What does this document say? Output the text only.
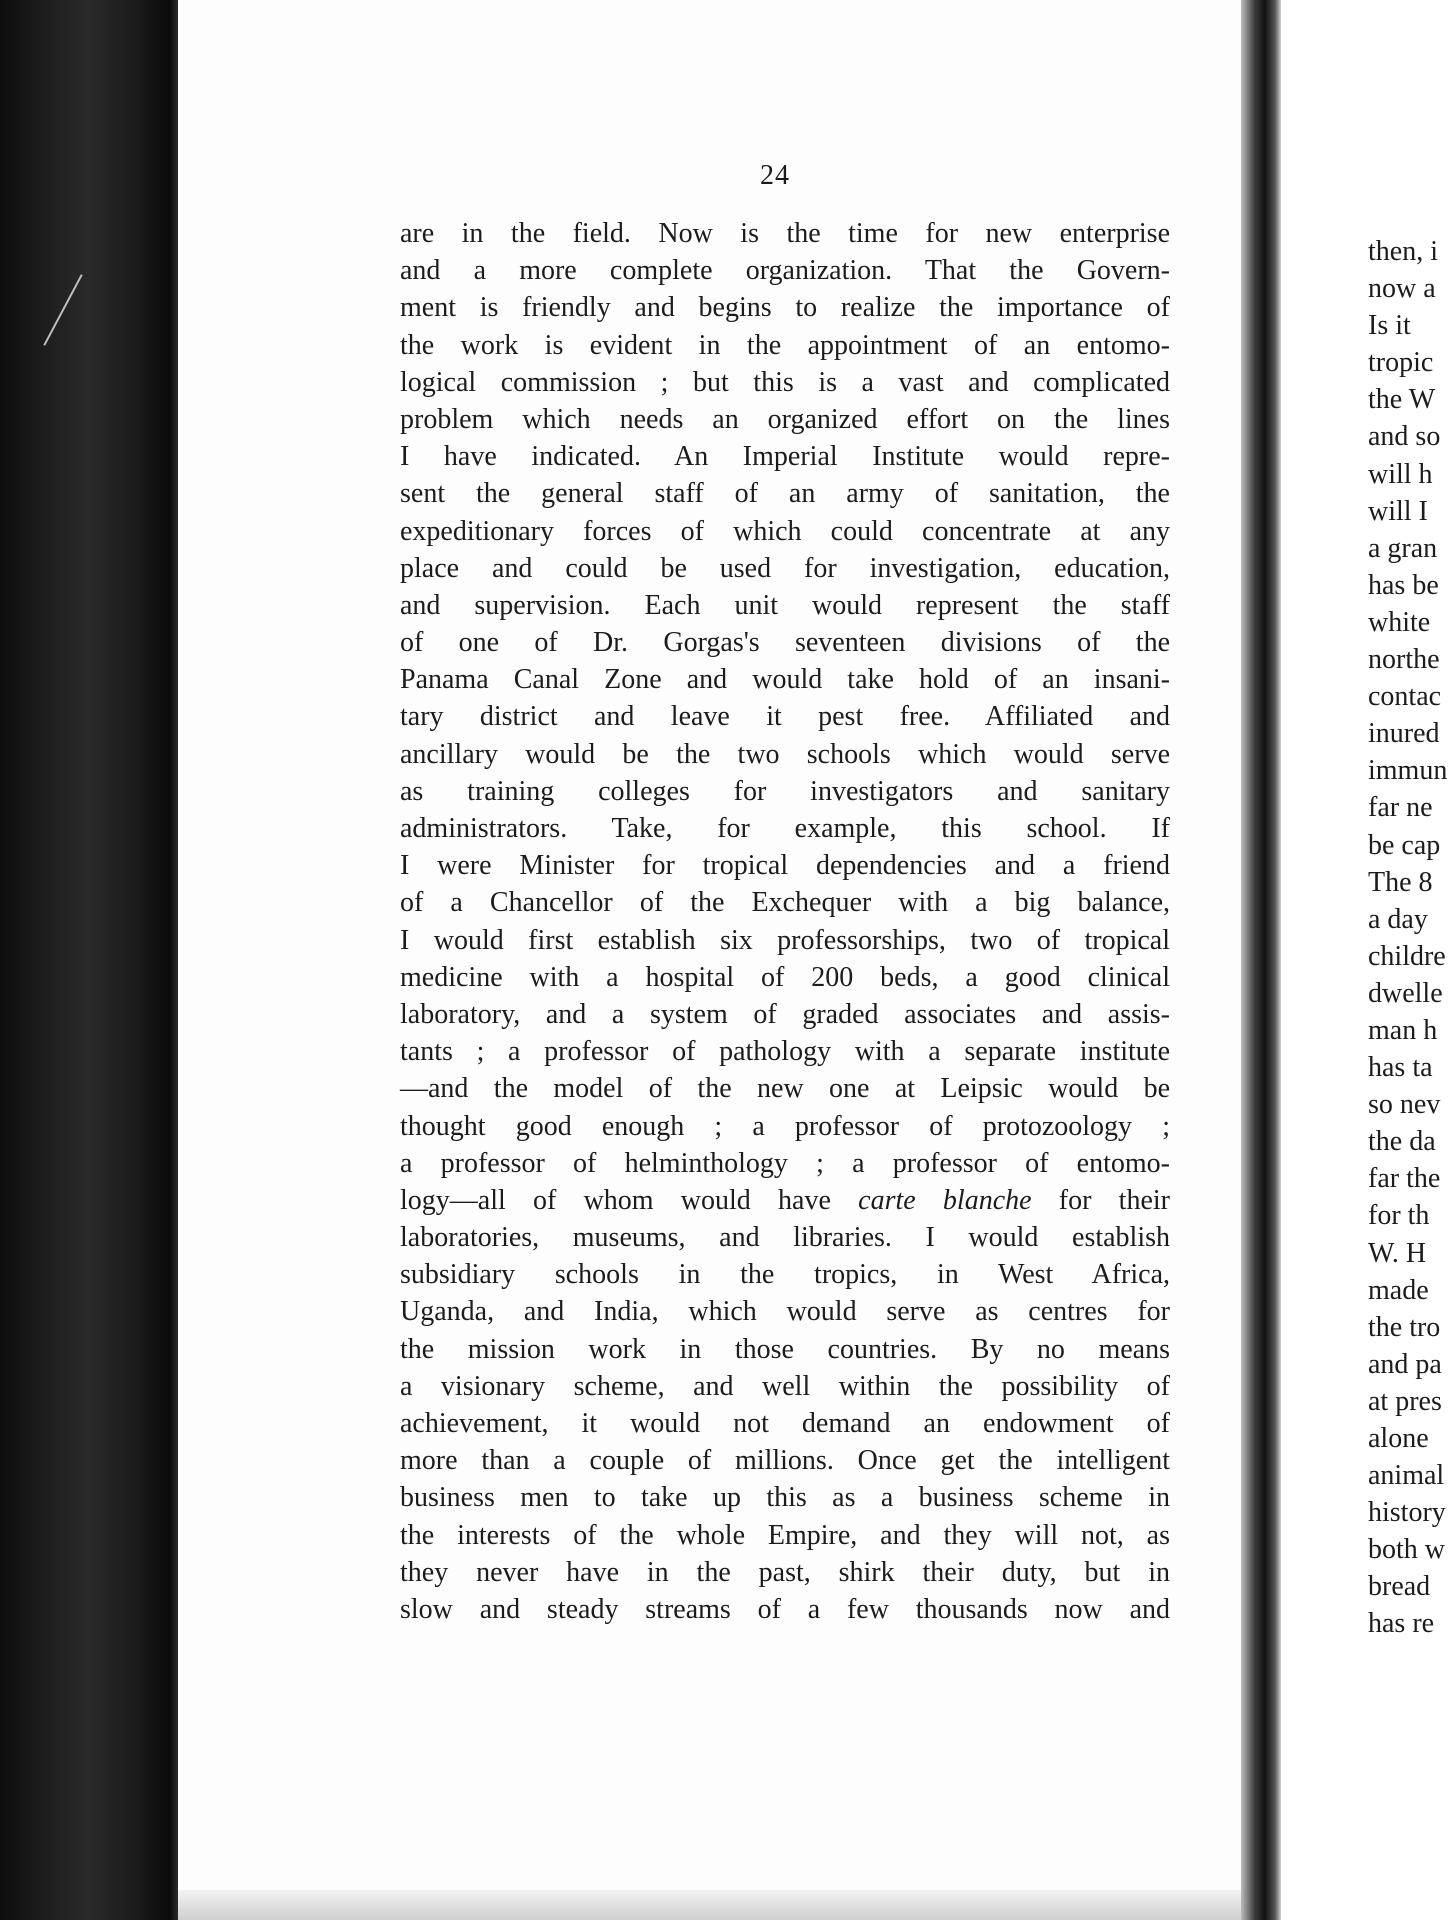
24
are in the field. Now is the time for new enterprise
and a more complete organization. That the Govern-
ment is friendly and begins to realize the importance of
the work is evident in the appointment of an entomo-
logical commission ; but this is a vast and complicated
problem which needs an organized effort on the lines
I have indicated. An Imperial Institute would repre-
sent the general staff of an army of sanitation, the
expeditionary forces of which could concentrate at any
place and could be used for investigation, education,
and supervision. Each unit would represent the staff
of one of Dr. Gorgas's seventeen divisions of the
Panama Canal Zone and would take hold of an insani-
tary district and leave it pest free. Affiliated and
ancillary would be the two schools which would serve
as training colleges for investigators and sanitary
administrators. Take, for example, this school. If
I were Minister for tropical dependencies and a friend
of a Chancellor of the Exchequer with a big balance,
I would first establish six professorships, two of tropical
medicine with a hospital of 200 beds, a good clinical
laboratory, and a system of graded associates and assis-
tants ; a professor of pathology with a separate institute
—and the model of the new one at Leipsic would be
thought good enough ; a professor of protozoology ;
a professor of helminthology ; a professor of entomo-
logy—all of whom would have carte blanche for their
laboratories, museums, and libraries. I would establish
subsidiary schools in the tropics, in West Africa,
Uganda, and India, which would serve as centres for
the mission work in those countries. By no means
a visionary scheme, and well within the possibility of
achievement, it would not demand an endowment of
more than a couple of millions. Once get the intelligent
business men to take up this as a business scheme in
the interests of the whole Empire, and they will not, as
they never have in the past, shirk their duty, but in
slow and steady streams of a few thousands now and
then, i
now a
Is it
tropic
the W
and so
will h
will I
a gran
has be
white
northe
contac
inured
immun
far ne
be cap
The 8
a day
childre
dwelle
man h
has ta
so nev
the da
far the
for th
W. H
made
the tro
and pa
at pres
alone
animal
history
both w
bread
has re
